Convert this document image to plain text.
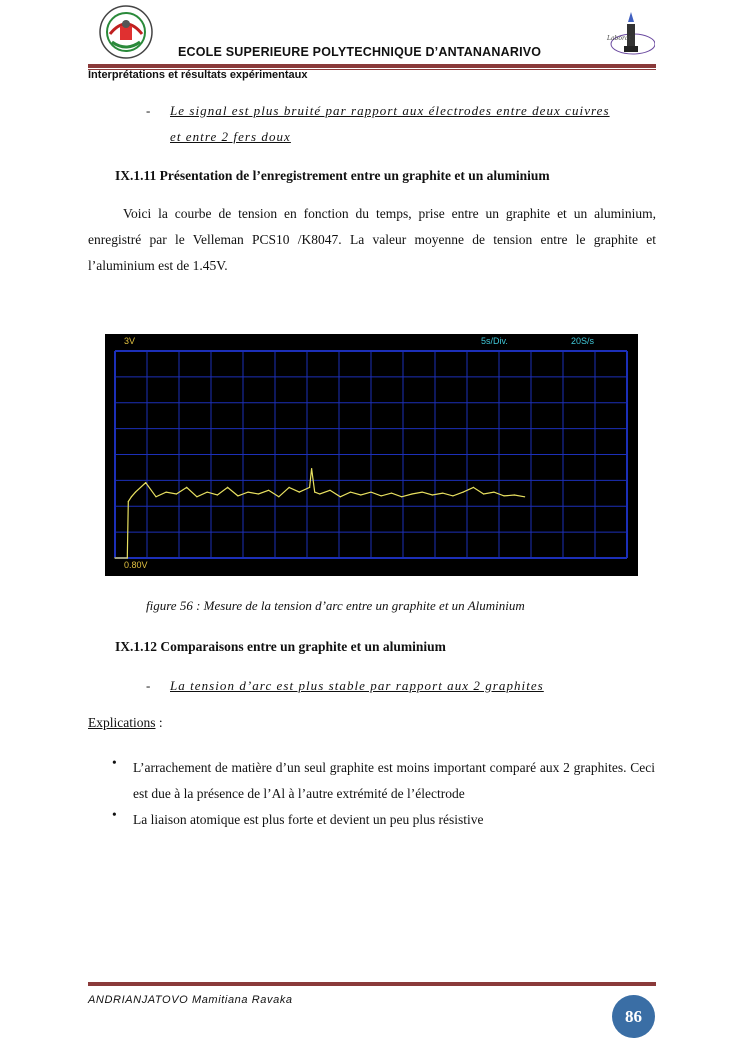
Laborat
ECOLE SUPERIEURE POLYTECHNIQUE D’ANTANANARIVO
Interprétations et résultats expérimentaux
- Le signal est plus bruité par rapport aux électrodes entre deux cuivres
et entre 2 fers doux
IX.1.11 Présentation de l’enregistrement entre un graphite et un aluminium

Voici la courbe de tension en fonction du temps, prise entre un graphite et un aluminium, enregistré par le Velleman PCS10 /K8047. La valeur moyenne de tension entre le graphite et l’aluminium est de 1.45V.

3V	5s/Div.	20S/s
0.80V
figure 56 : Mesure de la tension d’arc entre un graphite et un Aluminium
IX.1.12 Comparaisons entre un graphite et un aluminium
- La tension d’arc est plus stable par rapport aux 2 graphites
Explications :
• L’arrachement de matière d’un seul graphite est moins important comparé aux 2 graphites. Ceci est due à la présence de l’Al à l’autre extrémité de l’électrode
• La liaison atomique est plus forte et devient un peu plus résistive
ANDRIANJATOVO Mamitiana Ravaka
86
